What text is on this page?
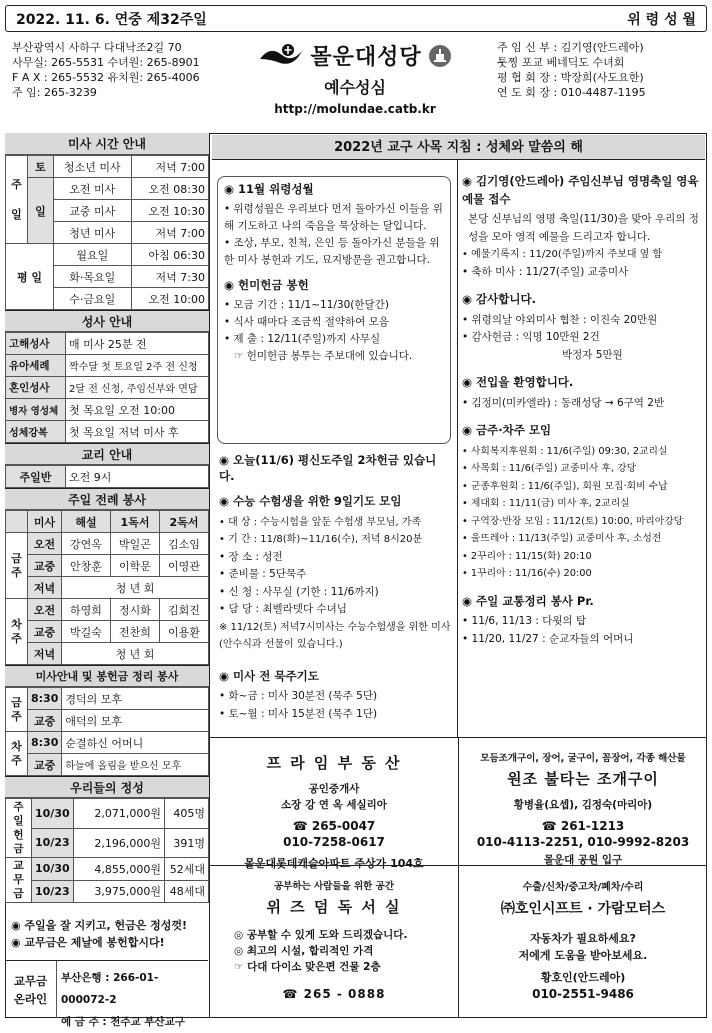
2022. 11. 6. 연중 제32주일	위 령 성 월
부산광역시 사하구 다대낙조2길 70
사무실: 265-5531 수녀원: 265-8901
F A X : 265-5532 유치원: 265-4006
주 임: 265-3239
몰운대성당
예수성심
http://molundae.catb.kr
주 임 신 부 : 김기영(안드레아)
툿찡 포교 베네딕도 수녀회
평 협 회 장 : 박장희(사도요한)
연 도 회 장 : 010-4487-1195
미사 시간 안내
주
일	토	청소년 미사	저녁 7:00
	일	오전 미사	오전 08:30
		교중 미사	오전 10:30
		청년 미사	저녁 7:00
평 일		월요일	아침 06:30
		화·목요일	저녁 7:30
		수·금요일	오전 10:00
성사 안내
고해성사	매 미사 25분 전
유아세례	짝수달 첫 토요일 2주 전 신청
혼인성사	2달 전 신청, 주임신부와 면담
병자 영성체	첫 목요일 오전 10:00
성체강복	첫 목요일 저녁 미사 후
교리 안내
주일반	오전 9시
주일 전례 봉사
	미사	해설	1독서	2독서
금
주	오전	강연옥	박일곤	김소임
	교중	안창훈	이학문	이영관
	저녁	청 년 회		
차
주	오전	하영희	정시화	김회진
	교중	박길숙	전찬희	이용환
	저녁	청 년 회		
미사안내 및 봉헌금 정리 봉사
금
주	8:30	경덕의 모후
	교중	애덕의 모후
차
주	8:30	순결하신 어머니
	교중	하늘에 올림을 받으신 모후
우리들의 정성
주일
헌금	10/30	2,071,000원	405명
	10/23	2,196,000원	391명
교
무
금	10/30	4,855,000원	52세대
	10/23	3,975,000원	48세대
◉ 주일을 잘 지키고, 헌금은 정성껏!
◉ 교무금은 제날에 봉헌합시다!
교무금 온라인
부산은행 : 266-01-000072-2
예 금 주 : 천주교 부산교구
2022년 교구 사목 지침 : 성체와 말씀의 해
◉ 11월 위령성월
• 위령성월은 우리보다 먼저 돌아가신 이들을 위해 기도하고 나의 죽음을 묵상하는 달입니다.
• 조상, 부모, 친척, 은인 등 돌아가신 분들을 위한 미사 봉헌과 기도, 묘지방문을 권고합니다.
◉ 헌미헌금 봉헌
• 모금 기간 : 11/1~11/30(한달간)
• 식사 때마다 조금씩 절약하여 모음
• 제 출 : 12/11(주일)까지 사무실
☞ 헌미헌금 봉투는 주보대에 있습니다.
◉ 오늘(11/6) 평신도주일 2차헌금 있습니다.
◉ 수능 수험생을 위한 9일기도 모임
• 대 상 : 수능시험을 앞둔 수험생 부모님, 가족
• 기 간 : 11/8(화)~11/16(수), 저녁 8시20분
• 장 소 : 성전
• 준비물 : 5단묵주
• 신 청 : 사무실 (기한 : 11/6까지)
• 담 당 : 최벨라뎃다 수녀님
※ 11/12(토) 저녁7시미사는 수능수험생을 위한 미사 (안수식과 선물이 있습니다.)
◉ 미사 전 묵주기도
• 화~금 : 미사 30분전 (묵주 5단)
• 토~월 : 미사 15분전 (묵주 1단)
◉ 김기영(안드레아) 주임신부님 영명축일 영육 예물 접수
본당 신부님의 영명 축일(11/30)을 맞아 우리의 정성을 모아 영적 예물을 드리고자 합니다.
• 예물기록지 : 11/20(주일)까지 주보대 옆 함
• 축하 미사 : 11/27(주일) 교중미사
◉ 감사합니다.
• 위령의날 야외미사 협찬 : 이진숙 20만원
• 감사헌금 : 익명 10만원 2건
박정자 5만원
◉ 전입을 환영합니다.
• 김정미(미카엘라) : 동래성당 → 6구역 2반
◉ 금주·차주 모임
• 사회복지후원회 : 11/6(주일) 09:30, 2교리실
• 사목회 : 11/6(주일) 교중미사 후, 강당
• 군종후원회 : 11/6(주일), 회원 모집·회비 수납
• 제대회 : 11/11(금) 미사 후, 2교리실
• 구역장·반장 모임 : 11/12(토) 10:00, 마리아강당
• 울뜨레아 : 11/13(주일) 교중미사 후, 소성전
• 2꾸리아 : 11/15(화) 20:10
• 1꾸리아 : 11/16(수) 20:00
◉ 주일 교통정리 봉사 Pr.
• 11/6, 11/13 : 다윗의 탑
• 11/20, 11/27 : 순교자들의 어머니
프 라 임 부 동 산
공인중개사
소장 강 연 옥 세실리아
☎ 265-0047
010-7258-0617
몰운대롯데캐슬아파트 주상가 104호
모듬조개구이, 장어, 굴구이, 꼼장어, 각종 해산물
원조 불타는 조개구이
황병율(요셉), 김정숙(마리아)
☎ 261-1213
010-4113-2251, 010-9992-8203
몰운대 공원 입구
공부하는 사람들을 위한 공간
위 즈 덤 독 서 실
◎ 공부할 수 있게 도와 드리겠습니다.
◎ 최고의 시설, 합리적인 가격
☞ 다대 다이소 맞은편 건물 2층
☎ 265 - 0888
수출/신차/중고차/폐차/수리
㈜호인시프트 · 가람모터스
자동차가 필요하세요?
저에게 도움을 받아보세요.
황호인(안드레아)
010-2551-9486
